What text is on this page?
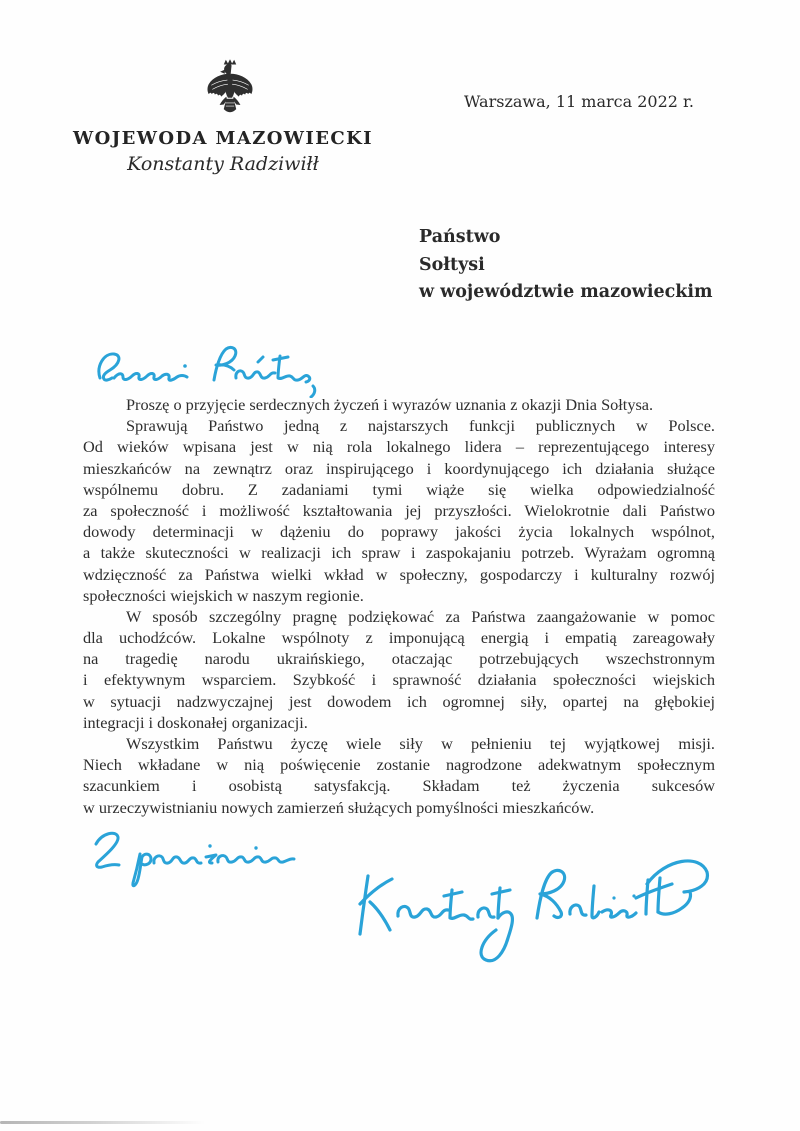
WOJEWODA MAZOWIECKI
Konstanty Radziwiłł
Warszawa, 11 marca 2022 r.
Państwo
Sołtysi
w województwie mazowieckim
Proszę o przyjęcie serdecznych życzeń i wyrazów uznania z okazji Dnia Sołtysa.
Sprawują Państwo jedną z najstarszych funkcji publicznych w Polsce.
Od wieków wpisana jest w nią rola lokalnego lidera – reprezentującego interesy
mieszkańców na zewnątrz oraz inspirującego i koordynującego ich działania służące
wspólnemu dobru. Z zadaniami tymi wiąże się wielka odpowiedzialność
za społeczność i możliwość kształtowania jej przyszłości. Wielokrotnie dali Państwo
dowody determinacji w dążeniu do poprawy jakości życia lokalnych wspólnot,
a także skuteczności w realizacji ich spraw i zaspokajaniu potrzeb. Wyrażam ogromną
wdzięczność za Państwa wielki wkład w społeczny, gospodarczy i kulturalny rozwój
społeczności wiejskich w naszym regionie.
W sposób szczególny pragnę podziękować za Państwa zaangażowanie w pomoc
dla uchodźców. Lokalne wspólnoty z imponującą energią i empatią zareagowały
na tragedię narodu ukraińskiego, otaczając potrzebujących wszechstronnym
i efektywnym wsparciem. Szybkość i sprawność działania społeczności wiejskich
w sytuacji nadzwyczajnej jest dowodem ich ogromnej siły, opartej na głębokiej
integracji i doskonałej organizacji.
Wszystkim Państwu życzę wiele siły w pełnieniu tej wyjątkowej misji.
Niech wkładane w nią poświęcenie zostanie nagrodzone adekwatnym społecznym
szacunkiem i osobistą satysfakcją. Składam też życzenia sukcesów
w urzeczywistnianiu nowych zamierzeń służących pomyślności mieszkańców.
